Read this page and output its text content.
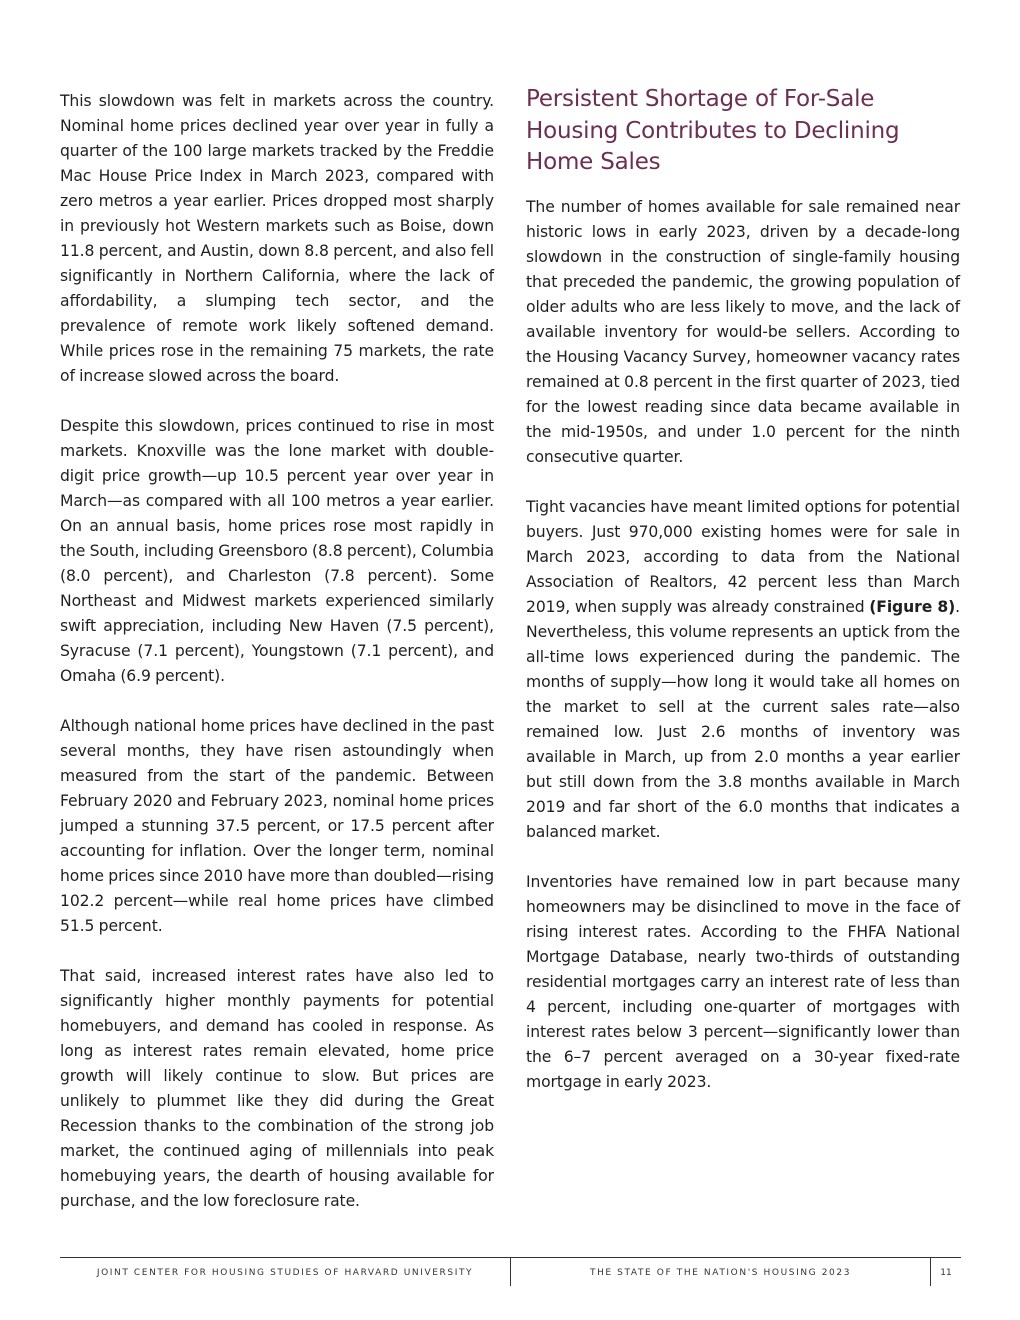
This slowdown was felt in markets across the country. Nominal home prices declined year over year in fully a quarter of the 100 large markets tracked by the Freddie Mac House Price Index in March 2023, compared with zero metros a year earlier. Prices dropped most sharply in previously hot Western markets such as Boise, down 11.8 percent, and Austin, down 8.8 percent, and also fell significantly in Northern California, where the lack of affordability, a slumping tech sector, and the prevalence of remote work likely softened demand. While prices rose in the remaining 75 markets, the rate of increase slowed across the board.

Despite this slowdown, prices continued to rise in most markets. Knoxville was the lone market with double-digit price growth—up 10.5 percent year over year in March—as compared with all 100 metros a year earlier. On an annual basis, home prices rose most rapidly in the South, including Greensboro (8.8 percent), Columbia (8.0 percent), and Charleston (7.8 percent). Some Northeast and Midwest markets experienced similarly swift appreciation, including New Haven (7.5 percent), Syracuse (7.1 percent), Youngstown (7.1 percent), and Omaha (6.9 percent).

Although national home prices have declined in the past several months, they have risen astoundingly when measured from the start of the pandemic. Between February 2020 and February 2023, nominal home prices jumped a stunning 37.5 percent, or 17.5 percent after accounting for inflation. Over the longer term, nominal home prices since 2010 have more than doubled—rising 102.2 percent—while real home prices have climbed 51.5 percent.

That said, increased interest rates have also led to significantly higher monthly payments for potential homebuyers, and demand has cooled in response. As long as interest rates remain elevated, home price growth will likely continue to slow. But prices are unlikely to plummet like they did during the Great Recession thanks to the combination of the strong job market, the continued aging of millennials into peak homebuying years, the dearth of housing available for purchase, and the low foreclosure rate.

Persistent Shortage of For-Sale Housing Contributes to Declining Home Sales

The number of homes available for sale remained near historic lows in early 2023, driven by a decade-long slowdown in the construction of single-family housing that preceded the pandemic, the growing population of older adults who are less likely to move, and the lack of available inventory for would-be sellers. According to the Housing Vacancy Survey, homeowner vacancy rates remained at 0.8 percent in the first quarter of 2023, tied for the lowest reading since data became available in the mid-1950s, and under 1.0 percent for the ninth consecutive quarter.

Tight vacancies have meant limited options for potential buyers. Just 970,000 existing homes were for sale in March 2023, according to data from the National Association of Realtors, 42 percent less than March 2019, when supply was already constrained (Figure 8). Nevertheless, this volume represents an uptick from the all-time lows experienced during the pandemic. The months of supply—how long it would take all homes on the market to sell at the current sales rate—also remained low. Just 2.6 months of inventory was available in March, up from 2.0 months a year earlier but still down from the 3.8 months available in March 2019 and far short of the 6.0 months that indicates a balanced market.

Inventories have remained low in part because many homeowners may be disinclined to move in the face of rising interest rates. According to the FHFA National Mortgage Database, nearly two-thirds of outstanding residential mortgages carry an interest rate of less than 4 percent, including one-quarter of mortgages with interest rates below 3 percent—significantly lower than the 6–7 percent averaged on a 30-year fixed-rate mortgage in early 2023.

JOINT CENTER FOR HOUSING STUDIES OF HARVARD UNIVERSITY	THE STATE OF THE NATION'S HOUSING 2023	11
